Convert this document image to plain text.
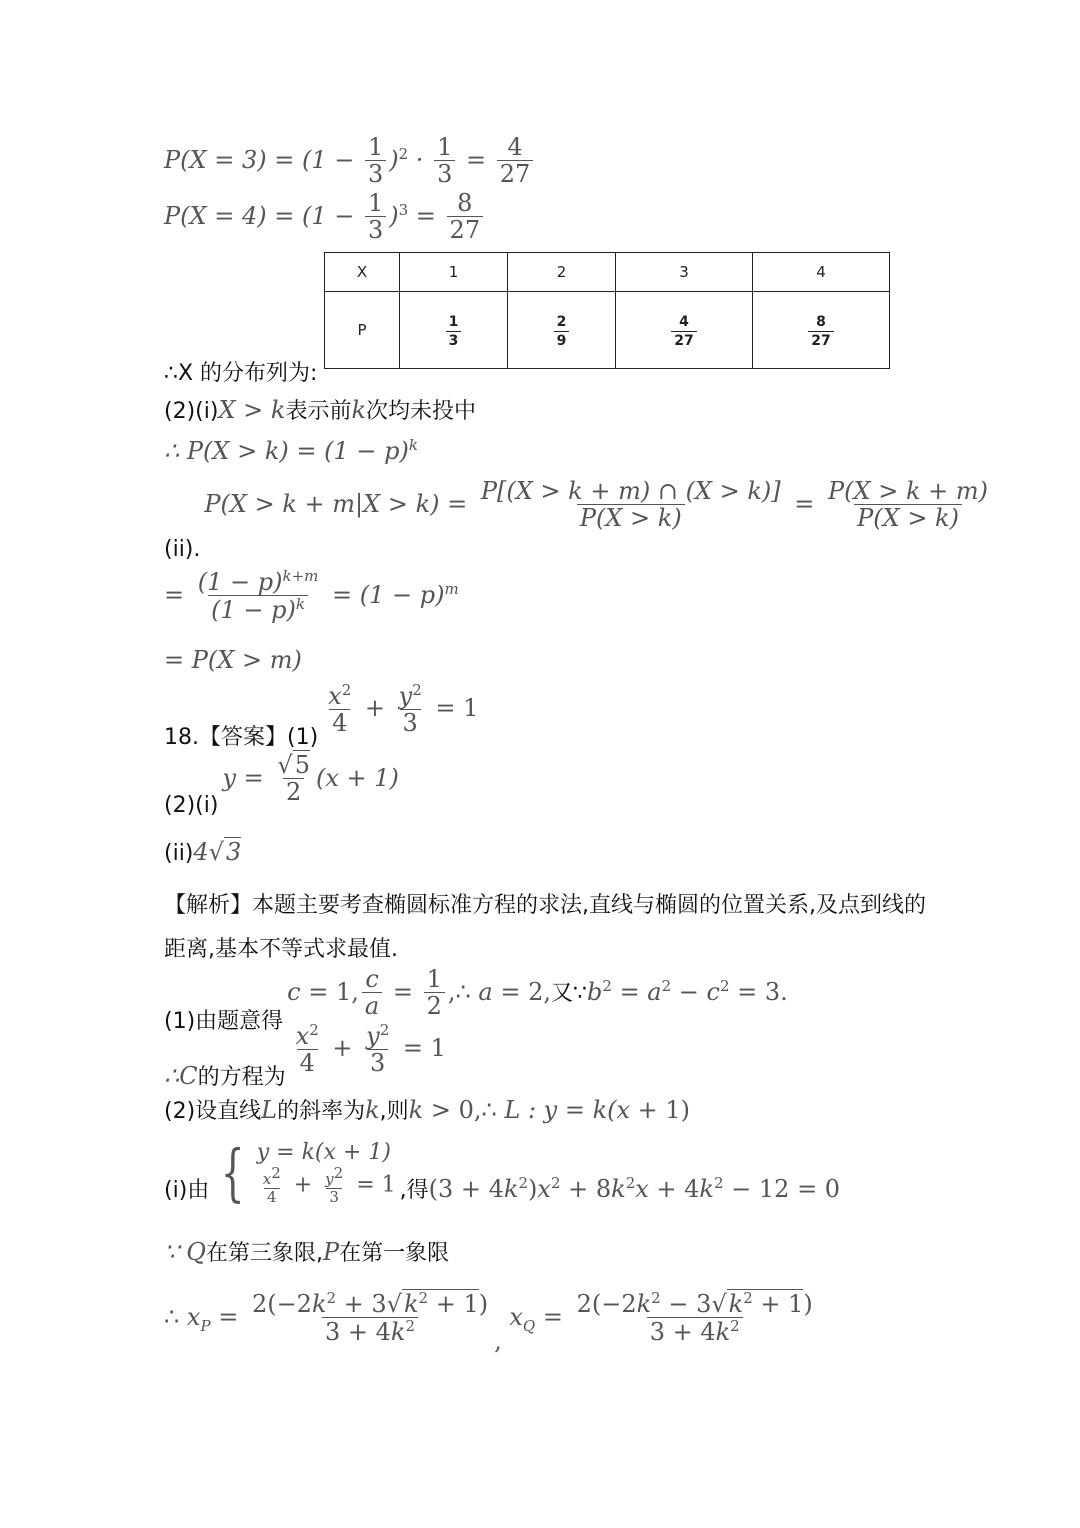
$P(X = 3) = (1 - \frac{1}{3} )^2 \cdot \frac{1}{3} = \frac{4}{27}$
$P(X = 4) = (1 - \frac{1}{3} )^3 = \frac{8}{27}$
X	1	2	3	4
P	$\frac{1}{3}$	$\frac{2}{9}$	$\frac{4}{27}$	$\frac{8}{27}$
∴X 的分布列为:
(2)(i)X > k表示前k次均未投中
∴ $P(X > k) = (1 - p)^k$
(ii). $P(X > k + m|X > k) = \frac{P[(X > k + m) \cap (X > k)]}{P(X > k)} = \frac{P(X > k + m)}{P(X > k)}$
= $\frac{(1 - p)^{k+m}}{(1 - p)^k} = (1 - p)^m$
= P(X > m)
18.【答案】$(1) \frac{x^2}{4} + \frac{y^2}{3} = 1$
(2)(i) $y = \frac{√5}{2} (x + 1)$
(ii)4√3
【解析】本题主要考查椭圆标准方程的求法,直线与椭圆的位置关系,及点到线的
距离,基本不等式求最值.
(1)由题意得 c = 1, $\frac{c}{a} = \frac{1}{2}$ ,∴ a = 2,又$\because b^2 = a^2 - c^2 = 3$.
∴C的方程为 $\frac{x^2}{4} + \frac{y^2}{3} = 1$
(2)设直线L的斜率为k,则k > 0,∴ L : y = k(x + 1)
(i)由 { y = k(x + 1)
$\frac{x^2}{4} + \frac{y^2}{3} = 1$ ,得$(3 + 4k^2)x^2 + 8k^2x + 4k^2 - 12 = 0$
∵ Q在第三象限,P在第一象限
∴ $x_P = \frac{2(-2k^2 + 3√k^2 + 1)}{3 + 4k^2}$ , $x_Q = \frac{2(-2k^2 - 3√k^2 + 1)}{3 + 4k^2}$
